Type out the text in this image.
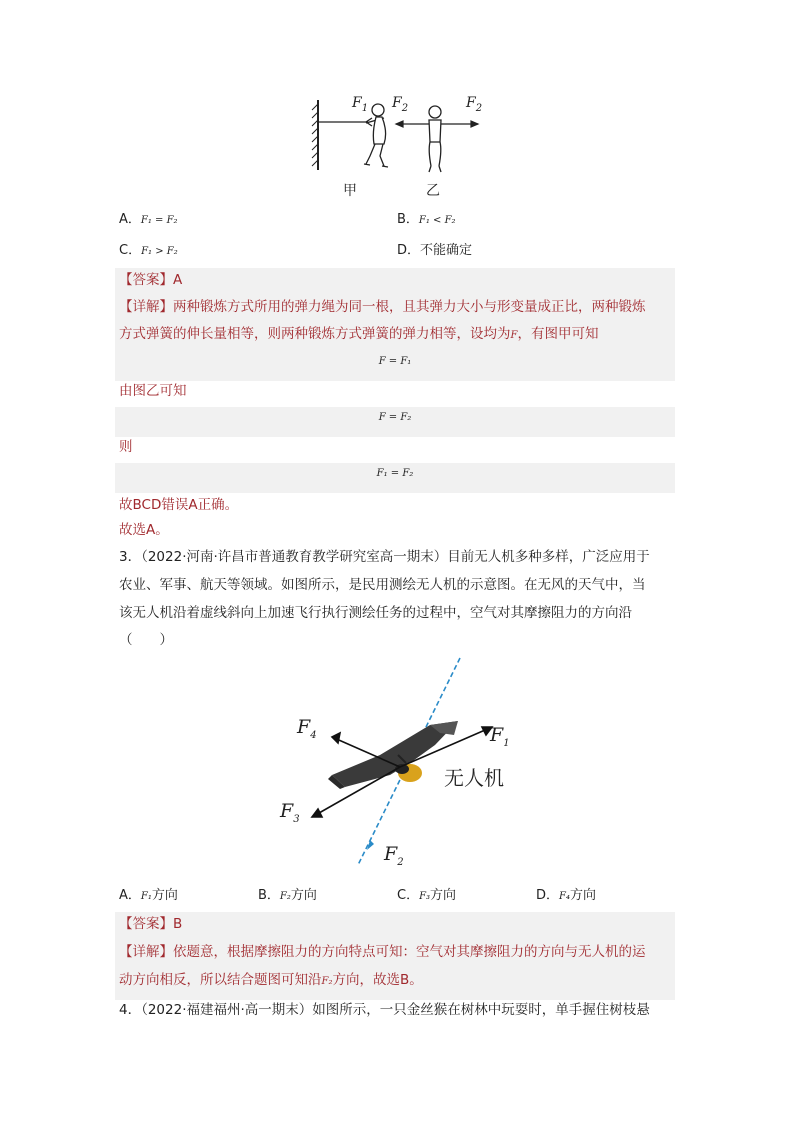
$F_1$ $F_2$	$F_2$
甲	乙
A．F₁ = F₂	B．F₁ < F₂
C．F₁ > F₂	D．不能确定
【答案】A
【详解】两种锻炼方式所用的弹力绳为同一根，且其弹力大小与形变量成正比，两种锻炼
方式弹簧的伸长量相等，则两种锻炼方式弹簧的弹力相等，设均为F，有图甲可知
F = F₁
由图乙可知
F = F₂
则
F₁ = F₂
故BCD错误A正确。
故选A。
3．（2022·河南·许昌市普通教育教学研究室高一期末）目前无人机多种多样，广泛应用于
农业、军事、航天等领域。如图所示，是民用测绘无人机的示意图。在无风的天气中，当
该无人机沿着虚线斜向上加速飞行执行测绘任务的过程中，空气对其摩擦阻力的方向沿
（　　）
$F_4$	$F_1$
$F_3$
$F_2$
无人机
A．F₁方向	B．F₂方向	C．F₃方向	D．F₄方向
【答案】B
【详解】依题意，根据摩擦阻力的方向特点可知：空气对其摩擦阻力的方向与无人机的运
动方向相反，所以结合题图可知沿F₂方向，故选B。
4．（2022·福建福州·高一期末）如图所示，一只金丝猴在树林中玩耍时，单手握住树枝悬
